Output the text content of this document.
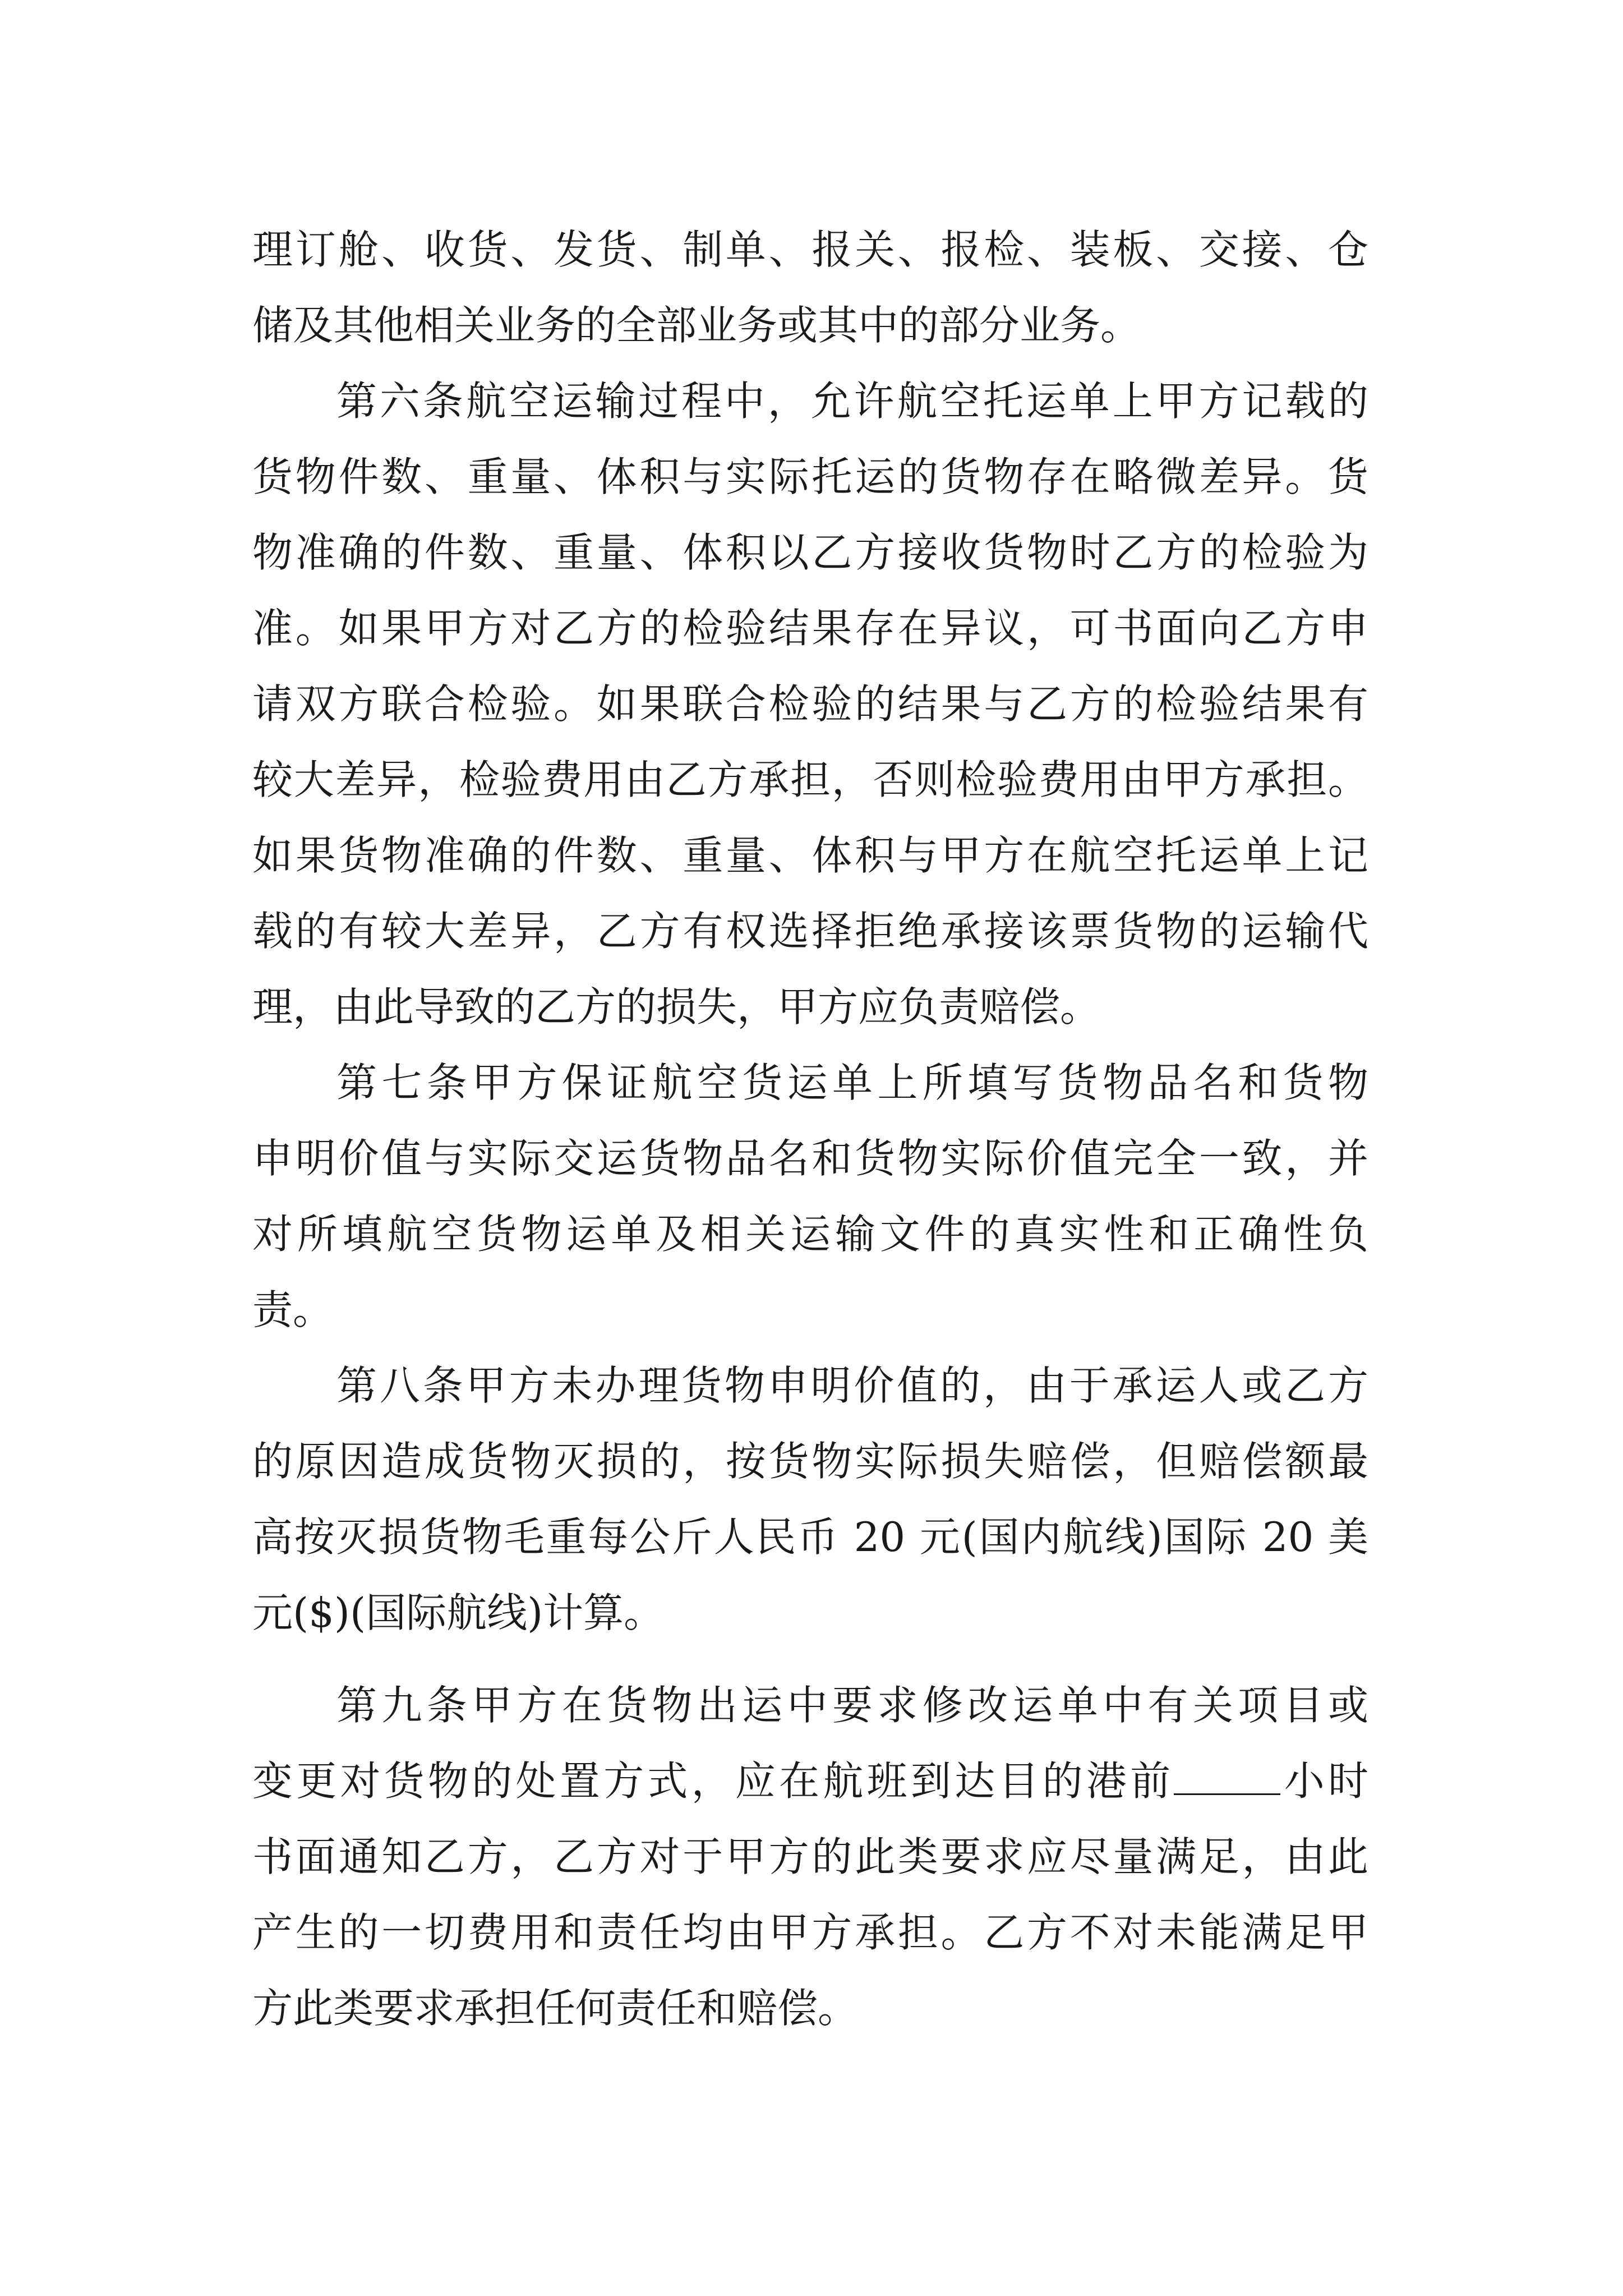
理订舱、收货、发货、制单、报关、报检、装板、交接、仓
储及其他相关业务的全部业务或其中的部分业务。
第六条航空运输过程中，允许航空托运单上甲方记载的
货物件数、重量、体积与实际托运的货物存在略微差异。货
物准确的件数、重量、体积以乙方接收货物时乙方的检验为
准。如果甲方对乙方的检验结果存在异议，可书面向乙方申
请双方联合检验。如果联合检验的结果与乙方的检验结果有
较大差异，检验费用由乙方承担，否则检验费用由甲方承担。
如果货物准确的件数、重量、体积与甲方在航空托运单上记
载的有较大差异，乙方有权选择拒绝承接该票货物的运输代
理，由此导致的乙方的损失，甲方应负责赔偿。
第七条甲方保证航空货运单上所填写货物品名和货物
申明价值与实际交运货物品名和货物实际价值完全一致，并
对所填航空货物运单及相关运输文件的真实性和正确性负
责。
第八条甲方未办理货物申明价值的，由于承运人或乙方
的原因造成货物灭损的，按货物实际损失赔偿，但赔偿额最
高按灭损货物毛重每公斤人民币 20 元(国内航线)国际 20 美
元($)(国际航线)计算。
第九条甲方在货物出运中要求修改运单中有关项目或
变更对货物的处置方式，应在航班到达目的港前	小时
书面通知乙方，乙方对于甲方的此类要求应尽量满足，由此
产生的一切费用和责任均由甲方承担。乙方不对未能满足甲
方此类要求承担任何责任和赔偿。
